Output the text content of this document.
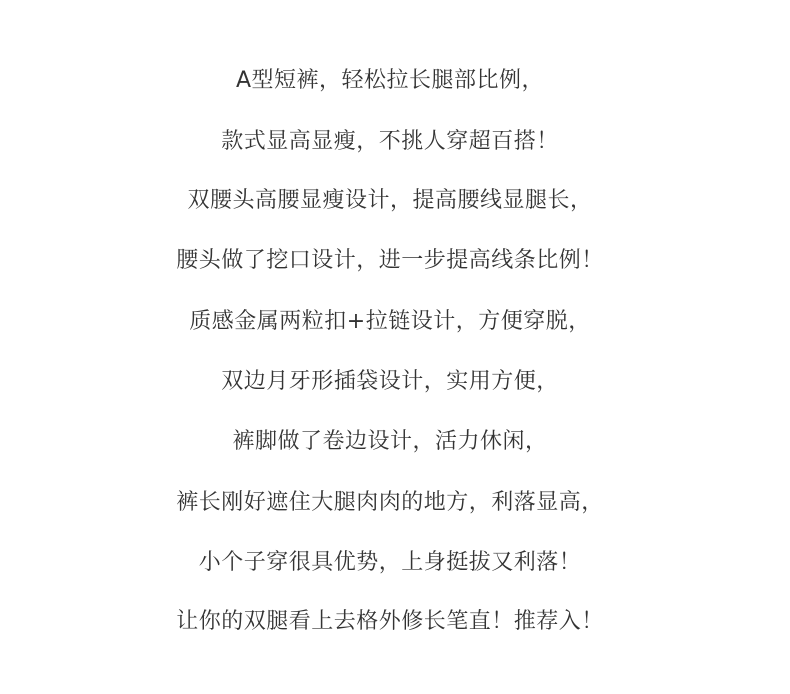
A型短裤，轻松拉长腿部比例，
款式显高显瘦，不挑人穿超百搭！
双腰头高腰显瘦设计，提高腰线显腿长，
腰头做了挖口设计，进一步提高线条比例！
质感金属两粒扣+拉链设计，方便穿脱，
双边月牙形插袋设计，实用方便，
裤脚做了卷边设计，活力休闲，
裤长刚好遮住大腿肉肉的地方，利落显高，
小个子穿很具优势，上身挺拔又利落！
让你的双腿看上去格外修长笔直！推荐入！
